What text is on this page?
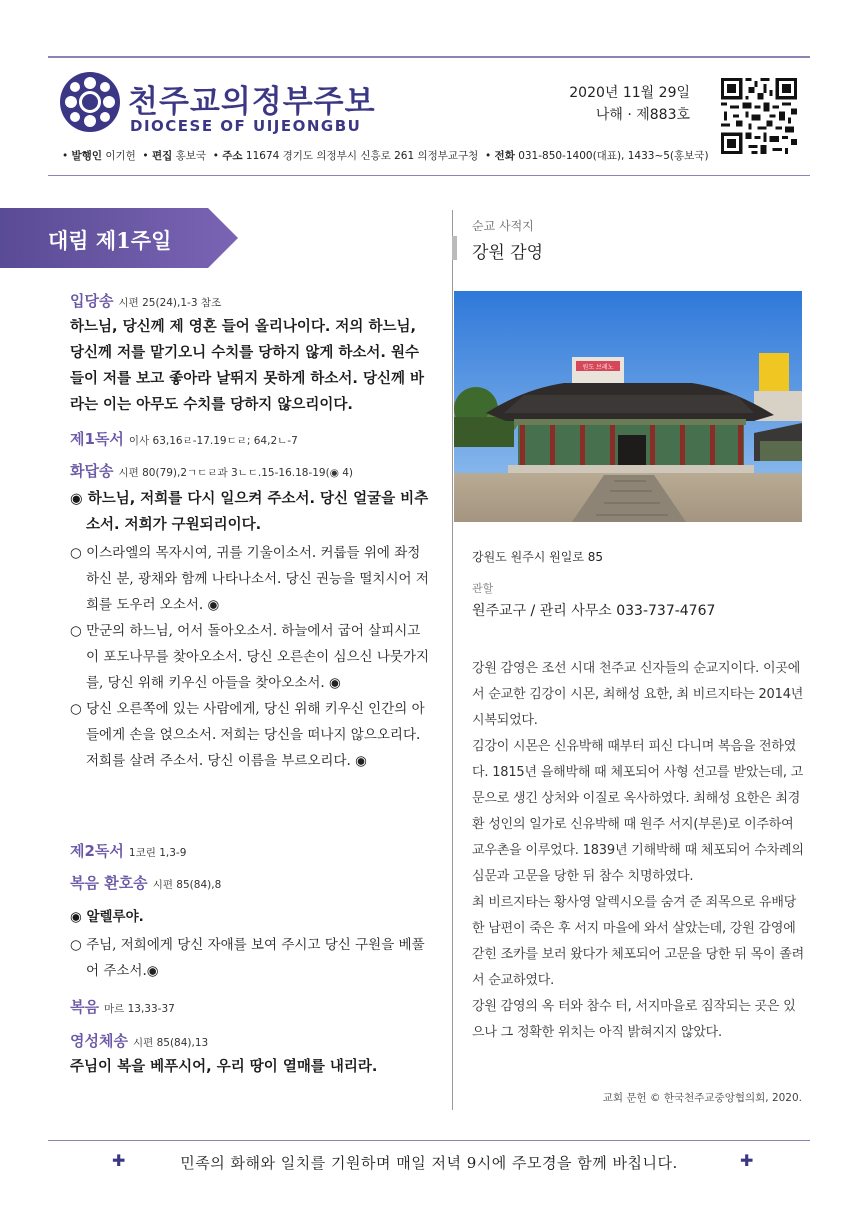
천주교의정부주보
DIOCESE OF UIJEONGBU
2020년 11월 29일
나해 · 제883호
• 발행인 이기헌  • 편집 홍보국  • 주소 11674 경기도 의정부시 신흥로 261 의정부교구청  • 전화 031-850-1400(대표), 1433~5(홍보국)
대림 제1주일
입당송 시편 25(24),1-3 참조
하느님, 당신께 제 영혼 들어 올리나이다. 저의 하느님, 당신께 저를 맡기오니 수치를 당하지 않게 하소서. 원수들이 저를 보고 좋아라 날뛰지 못하게 하소서. 당신께 바라는 이는 아무도 수치를 당하지 않으리이다.
제1독서 이사 63,16ㄹ-17.19ㄷㄹ; 64,2ㄴ-7
화답송 시편 80(79),2ㄱㄷㄹ과 3ㄴㄷ.15-16.18-19(◉ 4)
◉ 하느님, 저희를 다시 일으켜 주소서. 당신 얼굴을 비추소서. 저희가 구원되리이다.
○ 이스라엘의 목자시여, 귀를 기울이소서. 커룹들 위에 좌정하신 분, 광채와 함께 나타나소서. 당신 권능을 떨치시어 저희를 도우러 오소서. ◉
○ 만군의 하느님, 어서 돌아오소서. 하늘에서 굽어 살피시고 이 포도나무를 찾아오소서. 당신 오른손이 심으신 나뭇가지를, 당신 위해 키우신 아들을 찾아오소서. ◉
○ 당신 오른쪽에 있는 사람에게, 당신 위해 키우신 인간의 아들에게 손을 얹으소서. 저희는 당신을 떠나지 않으오리다. 저희를 살려 주소서. 당신 이름을 부르오리다. ◉
제2독서 1코린 1,3-9
복음 환호송 시편 85(84),8
◉ 알렐루야.
○ 주님, 저희에게 당신 자애를 보여 주시고 당신 구원을 베풀어 주소서.◉
복음 마르 13,33-37
영성체송 시편 85(84),13
주님이 복을 베푸시어, 우리 땅이 열매를 내리라.
순교 사적지
강원 감영
원도 브레노
강원도 원주시 원일로 85
관할
원주교구 / 관리 사무소 033-737-4767

강원 감영은 조선 시대 천주교 신자들의 순교지이다. 이곳에서 순교한 김강이 시몬, 최해성 요한, 최 비르지타는 2014년 시복되었다.

김강이 시몬은 신유박해 때부터 피신 다니며 복음을 전하였다. 1815년 을해박해 때 체포되어 사형 선고를 받았는데, 고문으로 생긴 상처와 이질로 옥사하였다. 최해성 요한은 최경환 성인의 일가로 신유박해 때 원주 서지(부론)로 이주하여 교우촌을 이루었다. 1839년 기해박해 때 체포되어 수차례의 심문과 고문을 당한 뒤 참수 치명하였다.

최 비르지타는 황사영 알렉시오를 숨겨 준 죄목으로 유배당한 남편이 죽은 후 서지 마을에 와서 살았는데, 강원 감영에 갇힌 조카를 보러 왔다가 체포되어 고문을 당한 뒤 목이 졸려서 순교하였다.

강원 감영의 옥 터와 참수 터, 서지마을로 짐작되는 곳은 있으나 그 정확한 위치는 아직 밝혀지지 않았다.

교회 문헌 © 한국천주교중앙협의회, 2020.
✚	민족의 화해와 일치를 기원하며 매일 저녁 9시에 주모경을 함께 바칩니다.	✚
